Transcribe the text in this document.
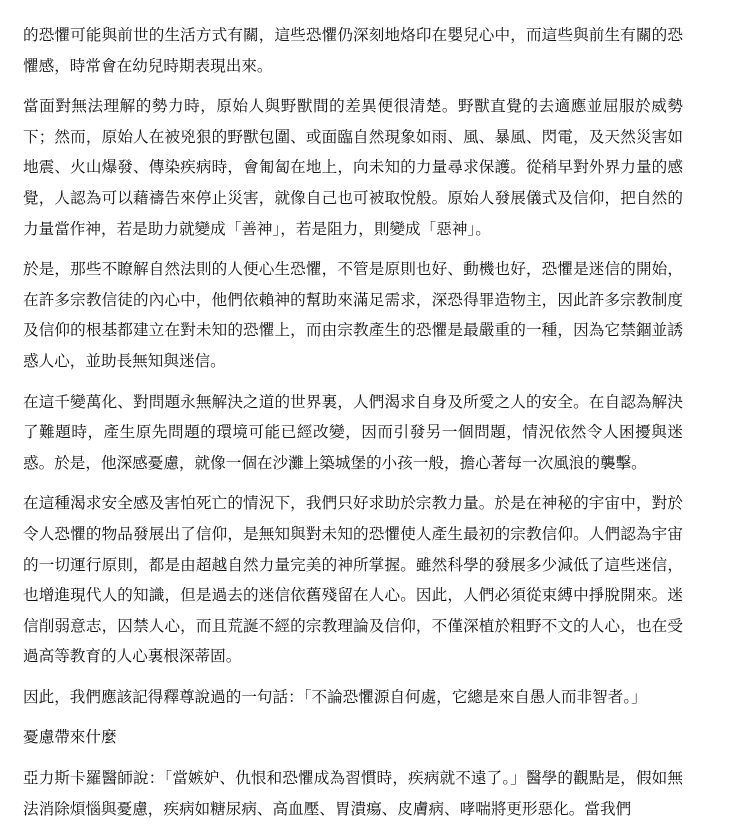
的恐懼可能與前世的生活方式有關，這些恐懼仍深刻地烙印在嬰兒心中，而這些與前生有關的恐懼感，時常會在幼兒時期表現出來。

當面對無法理解的勢力時，原始人與野獸間的差異便很清楚。野獸直覺的去適應並屈服於威勢下；然而，原始人在被兇狠的野獸包圍、或面臨自然現象如雨、風、暴風、閃電，及天然災害如地震、火山爆發、傳染疾病時，會匍匐在地上，向未知的力量尋求保護。從稍早對外界力量的感覺，人認為可以藉禱告來停止災害，就像自己也可被取悅般。原始人發展儀式及信仰，把自然的力量當作神，若是助力就變成「善神」，若是阻力，則變成「惡神」。

於是，那些不瞭解自然法則的人便心生恐懼，不管是原則也好、動機也好，恐懼是迷信的開始，在許多宗教信徒的內心中，他們依賴神的幫助來滿足需求，深恐得罪造物主，因此許多宗教制度及信仰的根基都建立在對未知的恐懼上，而由宗教產生的恐懼是最嚴重的一種，因為它禁錮並誘惑人心，並助長無知與迷信。

在這千變萬化、對問題永無解決之道的世界裏，人們渴求自身及所愛之人的安全。在自認為解決了難題時，產生原先問題的環境可能已經改變，因而引發另一個問題，情況依然令人困擾與迷惑。於是，他深感憂慮，就像一個在沙灘上築城堡的小孩一般，擔心著每一次風浪的襲擊。

在這種渴求安全感及害怕死亡的情況下，我們只好求助於宗教力量。於是在神秘的宇宙中，對於令人恐懼的物品發展出了信仰，是無知與對未知的恐懼使人產生最初的宗教信仰。人們認為宇宙的一切運行原則，都是由超越自然力量完美的神所掌握。雖然科學的發展多少減低了這些迷信，也增進現代人的知識，但是過去的迷信依舊殘留在人心。因此，人們必須從束縛中掙脫開來。迷信削弱意志，囚禁人心，而且荒誕不經的宗教理論及信仰，不僅深植於粗野不文的人心，也在受過高等教育的人心裏根深蒂固。

因此，我們應該記得釋尊說過的一句話：「不論恐懼源自何處，它總是來自愚人而非智者。」

憂慮帶來什麼

亞力斯卡羅醫師說：「當嫉妒、仇恨和恐懼成為習慣時，疾病就不遠了。」醫學的觀點是，假如無法消除煩惱與憂慮，疾病如糖尿病、高血壓、胃潰瘍、皮膚病、哮喘將更形惡化。當我們
